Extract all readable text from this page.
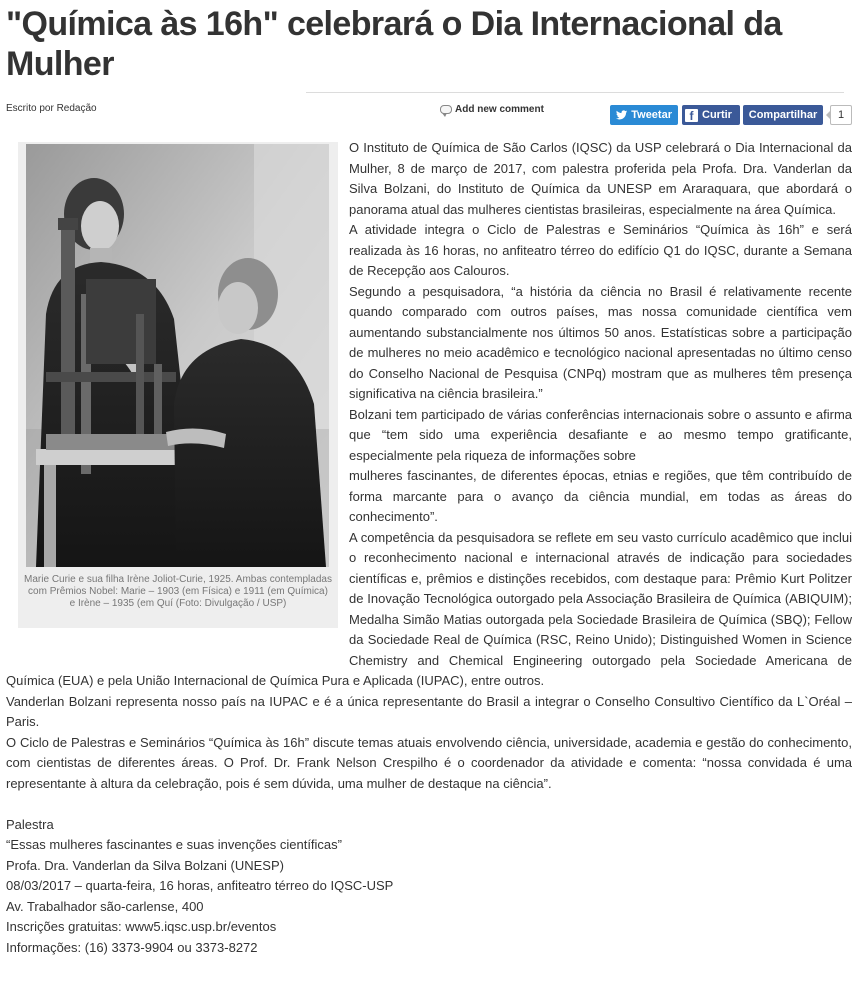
"Química às 16h" celebrará o Dia Internacional da Mulher
Escrito por Redação	Add new comment	Tweetar	f Curtir	Compartilhar	1
Marie Curie e sua filha Irène Joliot-Curie, 1925. Ambas contempladas com Prêmios Nobel: Marie – 1903 (em Física) e 1911 (em Química) e Irène – 1935 (em Quí (Foto: Divulgação / USP)

O Instituto de Química de São Carlos (IQSC) da USP celebrará o Dia Internacional da Mulher, 8 de março de 2017, com palestra proferida pela Profa. Dra. Vanderlan da Silva Bolzani, do Instituto de Química da UNESP em Araraquara, que abordará o panorama atual das mulheres cientistas brasileiras, especialmente na área Química.

A atividade integra o Ciclo de Palestras e Seminários “Química às 16h” e será realizada às 16 horas, no anfiteatro térreo do edifício Q1 do IQSC, durante a Semana de Recepção aos Calouros.

Segundo a pesquisadora, “a história da ciência no Brasil é relativamente recente quando comparado com outros países, mas nossa comunidade científica vem aumentando substancialmente nos últimos 50 anos. Estatísticas sobre a participação de mulheres no meio acadêmico e tecnológico nacional apresentadas no último censo do Conselho Nacional de Pesquisa (CNPq) mostram que as mulheres têm presença significativa na ciência brasileira.”

Bolzani tem participado de várias conferências internacionais sobre o assunto e afirma que “tem sido uma experiência desafiante e ao mesmo tempo gratificante, especialmente pela riqueza de informações sobre

mulheres fascinantes, de diferentes épocas, etnias e regiões, que têm contribuído de forma marcante para o avanço da ciência mundial, em todas as áreas do conhecimento”.

A competência da pesquisadora se reflete em seu vasto currículo acadêmico que inclui o reconhecimento nacional e internacional através de indicação para sociedades científicas e, prêmios e distinções recebidos, com destaque para: Prêmio Kurt Politzer de Inovação Tecnológica outorgado pela Associação Brasileira de Química (ABIQUIM); Medalha Simão Matias outorgada pela Sociedade Brasileira de Química (SBQ); Fellow da Sociedade Real de Química (RSC, Reino Unido); Distinguished Women in Science Chemistry and Chemical Engineering outorgado pela Sociedade Americana de Química (EUA) e pela União Internacional de Química Pura e Aplicada (IUPAC), entre outros.

Vanderlan Bolzani representa nosso país na IUPAC e é a única representante do Brasil a integrar o Conselho Consultivo Científico da L`Oréal – Paris.

O Ciclo de Palestras e Seminários “Química às 16h” discute temas atuais envolvendo ciência, universidade, academia e gestão do conhecimento, com cientistas de diferentes áreas. O Prof. Dr. Frank Nelson Crespilho é o coordenador da atividade e comenta: “nossa convidada é uma representante à altura da celebração, pois é sem dúvida, uma mulher de destaque na ciência”.

Palestra
“Essas mulheres fascinantes e suas invenções científicas”
Profa. Dra. Vanderlan da Silva Bolzani (UNESP)
08/03/2017 – quarta-feira, 16 horas, anfiteatro térreo do IQSC-USP
Av. Trabalhador são-carlense, 400
Inscrições gratuitas: www5.iqsc.usp.br/eventos
Informações: (16) 3373-9904 ou 3373-8272
